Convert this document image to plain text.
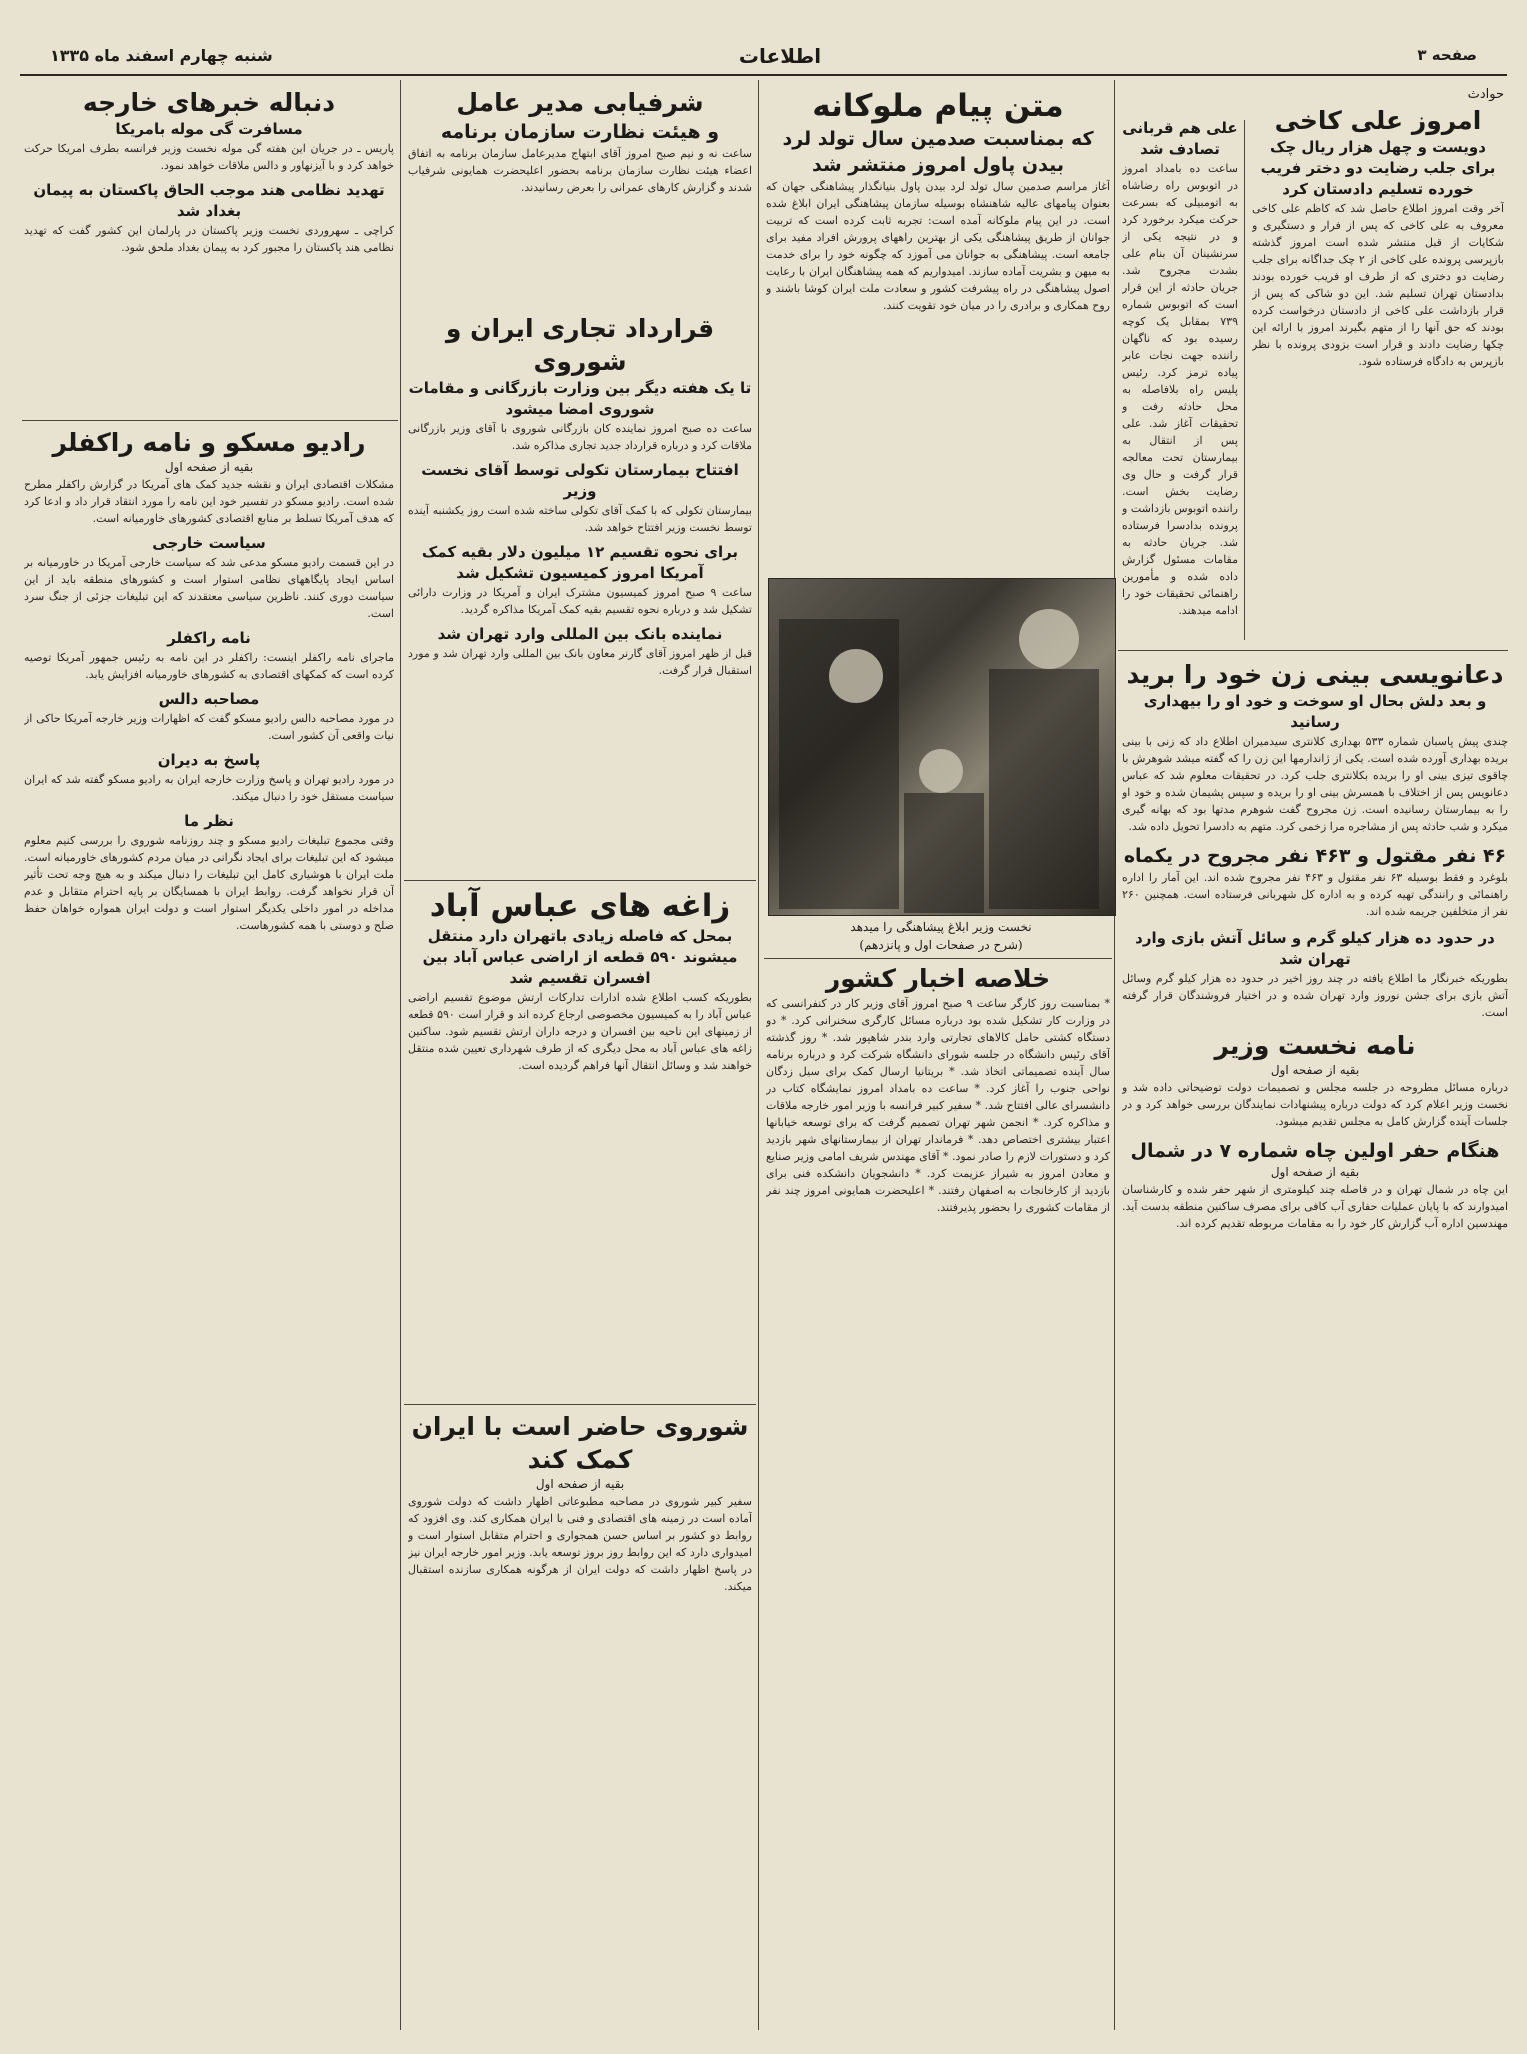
شنبه چهارم اسفند ماه ۱۳۳۵	اطلاعات	صفحه ۳
حوادث
امروز علی کاخی
دویست و چهل هزار ریال چک برای جلب رضایت دو دختر فریب خورده تسلیم دادستان کرد
آخر وقت امروز اطلاع حاصل شد که کاظم علی کاخی معروف به علی کاخی که پس از فرار و دستگیری و شکایات از قبل منتشر شده است امروز گذشته بازپرسی پرونده علی کاخی از ۲ چک جداگانه برای جلب رضایت دو دختری که از طرف او فریب خورده بودند بدادستان تهران تسلیم شد. این دو شاکی که پس از قرار بازداشت علی کاخی از دادستان درخواست کرده بودند که حق آنها را از متهم بگیرند امروز با ارائه این چکها رضایت دادند و قرار است بزودی پرونده با نظر بازپرس به دادگاه فرستاده شود.
علی هم قربانی تصادف شد
ساعت ده بامداد امروز در اتوبوس راه رضاشاه به اتومبیلی که بسرعت حرکت میکرد برخورد کرد و در نتیجه یکی از سرنشینان آن بنام علی بشدت مجروح شد. جریان حادثه از این قرار است که اتوبوس شماره ۷۳۹ بمقابل یک کوچه رسیده بود که ناگهان راننده جهت نجات عابر پیاده ترمز کرد. رئیس پلیس راه بلافاصله به محل حادثه رفت و تحقیقات آغاز شد. علی پس از انتقال به بیمارستان تحت معالجه قرار گرفت و حال وی رضایت بخش است. راننده اتوبوس بازداشت و پرونده بدادسرا فرستاده شد. جریان حادثه به مقامات مسئول گزارش داده شده و مأمورین راهنمائی تحقیقات خود را ادامه میدهند.
دعانویسی بینی زن خود را برید
و بعد دلش بحال او سوخت و خود او را بیهداری رسانید
چندی پیش پاسبان شماره ۵۳۳ بهداری کلانتری سیدمیران اطلاع داد که زنی با بینی بریده بهداری آورده شده است. یکی از ژاندارمها این زن را که گفته میشد شوهرش با چاقوی تیزی بینی او را بریده بکلانتری جلب کرد. در تحقیقات معلوم شد که عباس دعانویس پس از اختلاف با همسرش بینی او را بریده و سپس پشیمان شده و خود او را به بیمارستان رسانیده است. زن مجروح گفت شوهرم مدتها بود که بهانه گیری میکرد و شب حادثه پس از مشاجره مرا زخمی کرد. متهم به دادسرا تحویل داده شد.
۴۶ نفر مقتول و ۴۶۳ نفر مجروح در یکماه
بلوغرد و فقط بوسیله ۶۳ نفر مقتول و ۴۶۳ نفر مجروح شده اند. این آمار را اداره راهنمائی و رانندگی تهیه کرده و به اداره کل شهربانی فرستاده است. همچنین ۲۶۰ نفر از متخلفین جریمه شده اند.
در حدود ده هزار کیلو گرم و سائل آتش بازی وارد تهران شد
بطوریکه خبرنگار ما اطلاع یافته در چند روز اخیر در حدود ده هزار کیلو گرم وسائل آتش بازی برای جشن نوروز وارد تهران شده و در اختیار فروشندگان قرار گرفته است.
نامه نخست وزیر
بقیه از صفحه اول
درباره مسائل مطروحه در جلسه مجلس و تصمیمات دولت توضیحاتی داده شد و نخست وزیر اعلام کرد که دولت درباره پیشنهادات نمایندگان بررسی خواهد کرد و در جلسات آینده گزارش کامل به مجلس تقدیم میشود.
هنگام حفر اولین چاه شماره ۷ در شمال
بقیه از صفحه اول
این چاه در شمال تهران و در فاصله چند کیلومتری از شهر حفر شده و کارشناسان امیدوارند که با پایان عملیات حفاری آب کافی برای مصرف ساکنین منطقه بدست آید. مهندسین اداره آب گزارش کار خود را به مقامات مربوطه تقدیم کرده اند.
متن پیام ملوکانه
که بمناسبت صدمین سال تولد لرد بیدن پاول امروز منتشر شد
آغاز مراسم صدمین سال تولد لرد بیدن پاول بنیانگذار پیشاهنگی جهان که بعنوان پیامهای عالیه شاهنشاه بوسیله سازمان پیشاهنگی ایران ابلاغ شده است. در این پیام ملوکانه آمده است: تجربه ثابت کرده است که تربیت جوانان از طریق پیشاهنگی یکی از بهترین راههای پرورش افراد مفید برای جامعه است. پیشاهنگی به جوانان می آموزد که چگونه خود را برای خدمت به میهن و بشریت آماده سازند. امیدواریم که همه پیشاهنگان ایران با رعایت اصول پیشاهنگی در راه پیشرفت کشور و سعادت ملت ایران کوشا باشند و روح همکاری و برادری را در میان خود تقویت کنند.
نخست وزیر ابلاغ پیشاهنگی را میدهد
(شرح در صفحات اول و پانزدهم)
خلاصه اخبار کشور
* بمناسبت روز کارگر ساعت ۹ صبح امروز آقای وزیر کار در کنفرانسی که در وزارت کار تشکیل شده بود درباره مسائل کارگری سخنرانی کرد. * دو دستگاه کشتی حامل کالاهای تجارتی وارد بندر شاهپور شد. * روز گذشته آقای رئیس دانشگاه در جلسه شورای دانشگاه شرکت کرد و درباره برنامه سال آینده تصمیماتی اتخاذ شد. * بریتانیا ارسال کمک برای سیل زدگان نواحی جنوب را آغاز کرد. * ساعت ده بامداد امروز نمایشگاه کتاب در دانشسرای عالی افتتاح شد. * سفیر کبیر فرانسه با وزیر امور خارجه ملاقات و مذاکره کرد. * انجمن شهر تهران تصمیم گرفت که برای توسعه خیابانها اعتبار بیشتری اختصاص دهد. * فرماندار تهران از بیمارستانهای شهر بازدید کرد و دستورات لازم را صادر نمود. * آقای مهندس شریف امامی وزیر صنایع و معادن امروز به شیراز عزیمت کرد. * دانشجویان دانشکده فنی برای بازدید از کارخانجات به اصفهان رفتند. * اعلیحضرت همایونی امروز چند نفر از مقامات کشوری را بحضور پذیرفتند.
شرفیابی مدیر عامل
و هیئت نظارت سازمان برنامه
ساعت نه و نیم صبح امروز آقای ابتهاج مدیرعامل سازمان برنامه به اتفاق اعضاء هیئت نظارت سازمان برنامه بحضور اعلیحضرت همایونی شرفیاب شدند و گزارش کارهای عمرانی را بعرض رسانیدند.
قرارداد تجاری ایران و شوروی
تا یک هفته دیگر بین وزارت بازرگانی و مقامات شوروی امضا میشود
ساعت ده صبح امروز نماینده کان بازرگانی شوروی با آقای وزیر بازرگانی ملاقات کرد و درباره قرارداد جدید تجاری مذاکره شد.
افتتاح بیمارستان تکولی توسط آقای نخست وزیر
بیمارستان تکولی که با کمک آقای تکولی ساخته شده است روز یکشنبه آینده توسط نخست وزیر افتتاح خواهد شد.
برای نحوه تقسیم ۱۲ میلیون دلار بقیه کمک آمریکا امروز کمیسیون تشکیل شد
ساعت ۹ صبح امروز کمیسیون مشترک ایران و آمریکا در وزارت دارائی تشکیل شد و درباره نحوه تقسیم بقیه کمک آمریکا مذاکره گردید.
نماینده بانک بین المللی وارد تهران شد
قبل از ظهر امروز آقای گارنر معاون بانک بین المللی وارد تهران شد و مورد استقبال قرار گرفت.
زاغه های عباس آباد
بمحل که فاصله زیادی باتهران دارد منتقل میشوند ۵۹۰ قطعه از اراضی عباس آباد بین افسران تقسیم شد
بطوریکه کسب اطلاع شده ادارات تدارکات ارتش موضوع تقسیم اراضی عباس آباد را به کمیسیون مخصوصی ارجاع کرده اند و قرار است ۵۹۰ قطعه از زمینهای این ناحیه بین افسران و درجه داران ارتش تقسیم شود. ساکنین زاغه های عباس آباد به محل دیگری که از طرف شهرداری تعیین شده منتقل خواهند شد و وسائل انتقال آنها فراهم گردیده است.
شوروی حاضر است با ایران کمک کند
بقیه از صفحه اول
سفیر کبیر شوروی در مصاحبه مطبوعاتی اظهار داشت که دولت شوروی آماده است در زمینه های اقتصادی و فنی با ایران همکاری کند. وی افزود که روابط دو کشور بر اساس حسن همجواری و احترام متقابل استوار است و امیدواری دارد که این روابط روز بروز توسعه یابد. وزیر امور خارجه ایران نیز در پاسخ اظهار داشت که دولت ایران از هرگونه همکاری سازنده استقبال میکند.
دنباله خبرهای خارجه
مسافرت گی موله بامریکا
پاریس ـ در جریان این هفته گی موله نخست وزیر فرانسه بطرف امریکا حرکت خواهد کرد و با آیزنهاور و دالس ملاقات خواهد نمود.
تهدید نظامی هند موجب الحاق پاکستان به پیمان بغداد شد
کراچی ـ سهروردی نخست وزیر پاکستان در پارلمان این کشور گفت که تهدید نظامی هند پاکستان را مجبور کرد به پیمان بغداد ملحق شود.
رادیو مسکو و نامه راکفلر
بقیه از صفحه اول
مشکلات اقتصادی ایران و نقشه جدید کمک های آمریکا در گزارش راکفلر مطرح شده است. رادیو مسکو در تفسیر خود این نامه را مورد انتقاد قرار داد و ادعا کرد که هدف آمریکا تسلط بر منابع اقتصادی کشورهای خاورمیانه است.
سیاست خارجی
در این قسمت رادیو مسکو مدعی شد که سیاست خارجی آمریکا در خاورمیانه بر اساس ایجاد پایگاههای نظامی استوار است و کشورهای منطقه باید از این سیاست دوری کنند. ناظرین سیاسی معتقدند که این تبلیغات جزئی از جنگ سرد است.
نامه راکفلر
ماجرای نامه راکفلر اینست: راکفلر در این نامه به رئیس جمهور آمریکا توصیه کرده است که کمکهای اقتصادی به کشورهای خاورمیانه افزایش یابد.
مصاحبه دالس
در مورد مصاحبه دالس رادیو مسکو گفت که اظهارات وزیر خارجه آمریکا حاکی از نیات واقعی آن کشور است.
پاسخ به دیران
در مورد رادیو تهران و پاسخ وزارت خارجه ایران به رادیو مسکو گفته شد که ایران سیاست مستقل خود را دنبال میکند.
نظر ما
وقتی مجموع تبلیغات رادیو مسکو و چند روزنامه شوروی را بررسی کنیم معلوم میشود که این تبلیغات برای ایجاد نگرانی در میان مردم کشورهای خاورمیانه است. ملت ایران با هوشیاری کامل این تبلیغات را دنبال میکند و به هیچ وجه تحت تأثیر آن قرار نخواهد گرفت. روابط ایران با همسایگان بر پایه احترام متقابل و عدم مداخله در امور داخلی یکدیگر استوار است و دولت ایران همواره خواهان حفظ صلح و دوستی با همه کشورهاست.
